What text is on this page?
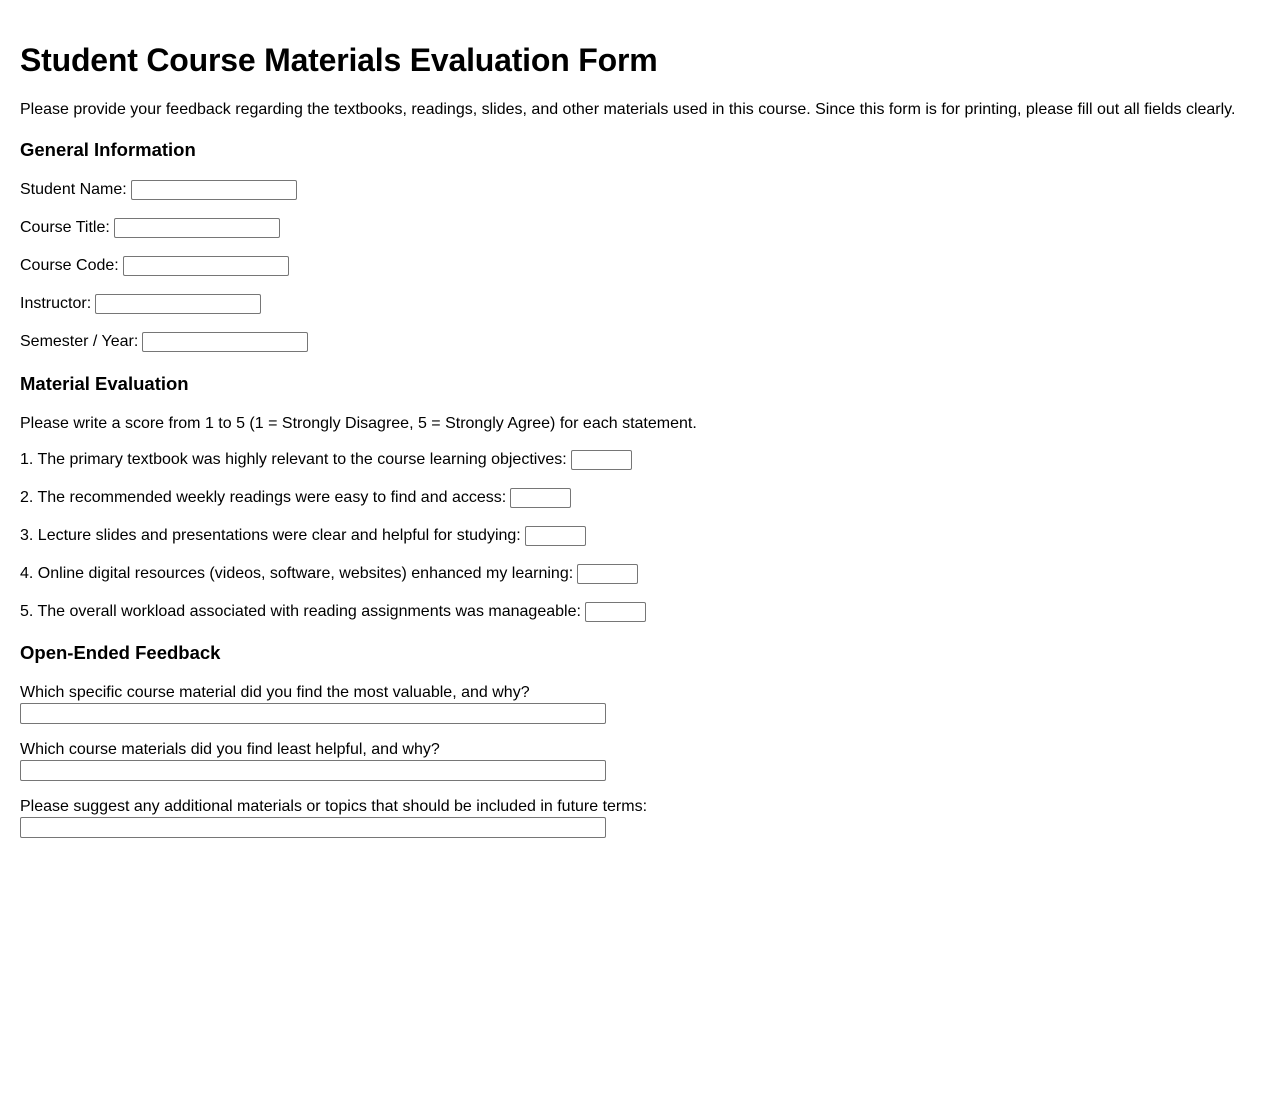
Student Course Materials Evaluation Form

Please provide your feedback regarding the textbooks, readings, slides, and other materials used in this course. Since this form is for printing, please fill out all fields clearly.

General Information
Student Name:
Course Title:
Course Code:
Instructor:
Semester / Year:
Material Evaluation

Please write a score from 1 to 5 (1 = Strongly Disagree, 5 = Strongly Agree) for each statement.

1. The primary textbook was highly relevant to the course learning objectives:
2. The recommended weekly readings were easy to find and access:
3. Lecture slides and presentations were clear and helpful for studying:
4. Online digital resources (videos, software, websites) enhanced my learning:
5. The overall workload associated with reading assignments was manageable:
Open-Ended Feedback
Which specific course material did you find the most valuable, and why?
Which course materials did you find least helpful, and why?
Please suggest any additional materials or topics that should be included in future terms:
